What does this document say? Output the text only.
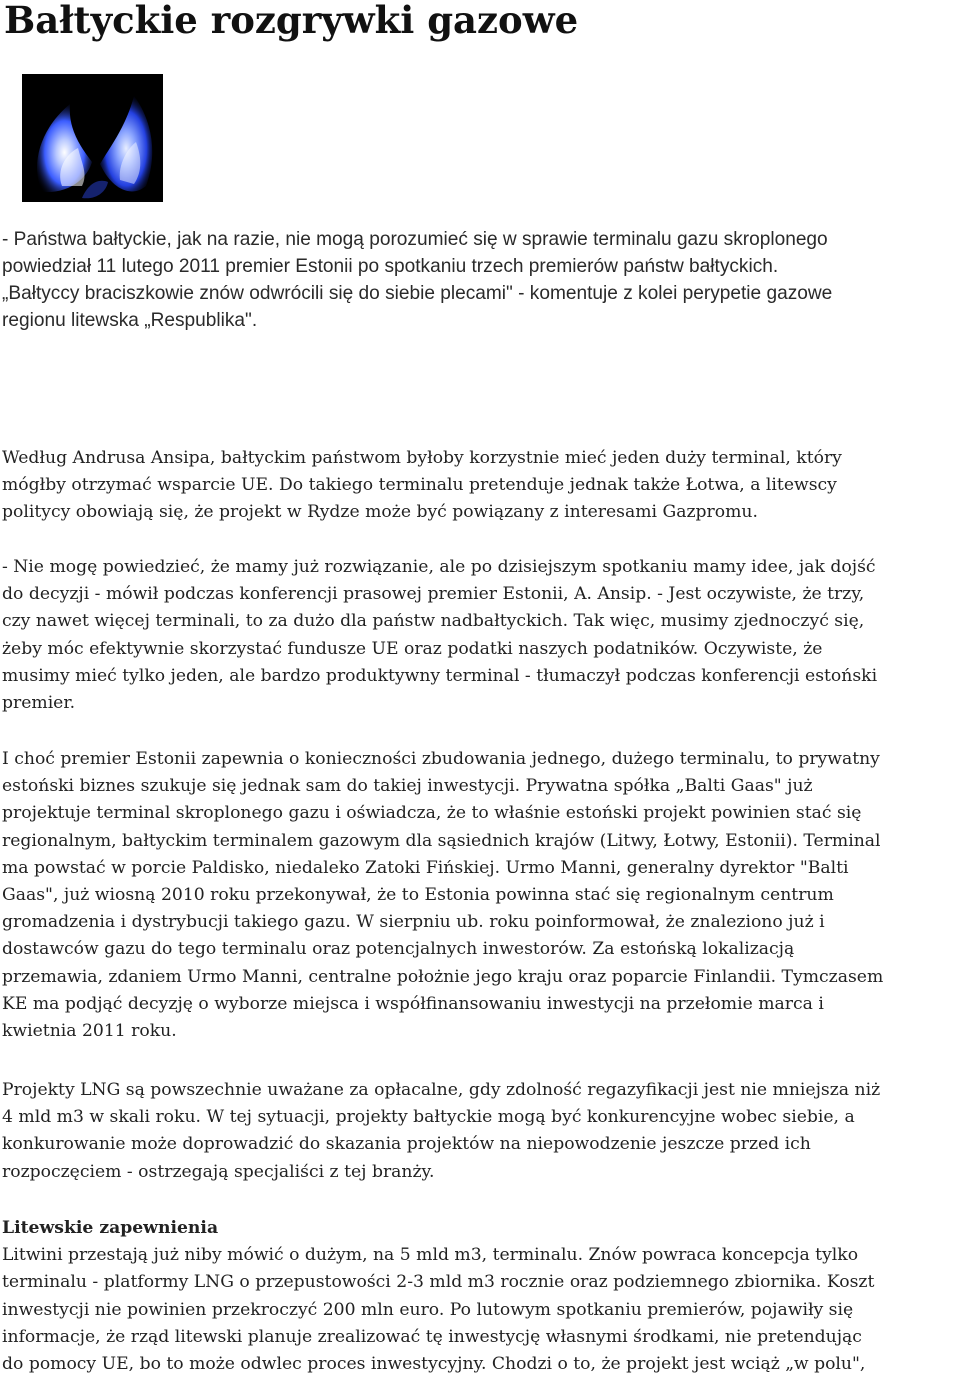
Bałtyckie rozgrywki gazowe
- Państwa bałtyckie, jak na razie, nie mogą porozumieć się w sprawie terminalu gazu skroplonego
powiedział 11 lutego 2011 premier Estonii po spotkaniu trzech premierów państw bałtyckich.
„Bałtyccy braciszkowie znów odwrócili się do siebie plecami" - komentuje z kolei perypetie gazowe
regionu litewska „Respublika".
Według Andrusa Ansipa, bałtyckim państwom byłoby korzystnie mieć jeden duży terminal, który
mógłby otrzymać wsparcie UE. Do takiego terminalu pretenduje jednak także Łotwa, a litewscy
politycy obowiają się, że projekt w Rydze może być powiązany z interesami Gazpromu.
- Nie mogę powiedzieć, że mamy już rozwiązanie, ale po dzisiejszym spotkaniu mamy idee, jak dojść
do decyzji - mówił podczas konferencji prasowej premier Estonii, A. Ansip. - Jest oczywiste, że trzy,
czy nawet więcej terminali, to za dużo dla państw nadbałtyckich. Tak więc, musimy zjednoczyć się,
żeby móc efektywnie skorzystać fundusze UE oraz podatki naszych podatników. Oczywiste, że
musimy mieć tylko jeden, ale bardzo produktywny terminal - tłumaczył podczas konferencji estoński
premier.
I choć premier Estonii zapewnia o konieczności zbudowania jednego, dużego terminalu, to prywatny
estoński biznes szukuje się jednak sam do takiej inwestycji. Prywatna spółka „Balti Gaas" już
projektuje terminal skroplonego gazu i oświadcza, że to właśnie estoński projekt powinien stać się
regionalnym, bałtyckim terminalem gazowym dla sąsiednich krajów (Litwy, Łotwy, Estonii). Terminal
ma powstać w porcie Paldisko, niedaleko Zatoki Fińskiej. Urmo Manni, generalny dyrektor "Balti
Gaas", już wiosną 2010 roku przekonywał, że to Estonia powinna stać się regionalnym centrum
gromadzenia i dystrybucji takiego gazu. W sierpniu ub. roku poinformował, że znaleziono już i
dostawców gazu do tego terminalu oraz potencjalnych inwestorów. Za estońską lokalizacją
przemawia, zdaniem Urmo Manni, centralne położnie jego kraju oraz poparcie Finlandii. Tymczasem
KE ma podjąć decyzję o wyborze miejsca i współfinansowaniu inwestycji na przełomie marca i
kwietnia 2011 roku.
Projekty LNG są powszechnie uważane za opłacalne, gdy zdolność regazyfikacji jest nie mniejsza niż
4 mld m3 w skali roku. W tej sytuacji, projekty bałtyckie mogą być konkurencyjne wobec siebie, a
konkurowanie może doprowadzić do skazania projektów na niepowodzenie jeszcze przed ich
rozpoczęciem - ostrzegają specjaliści z tej branży.
Litewskie zapewnienia
Litwini przestają już niby mówić o dużym, na 5 mld m3, terminalu. Znów powraca koncepcja tylko
terminalu - platformy LNG o przepustowości 2-3 mld m3 rocznie oraz podziemnego zbiornika. Koszt
inwestycji nie powinien przekroczyć 200 mln euro. Po lutowym spotkaniu premierów, pojawiły się
informacje, że rząd litewski planuje zrealizować tę inwestycję własnymi środkami, nie pretendując
do pomocy UE, bo to może odwlec proces inwestycyjny. Chodzi o to, że projekt jest wciąż „w polu",
